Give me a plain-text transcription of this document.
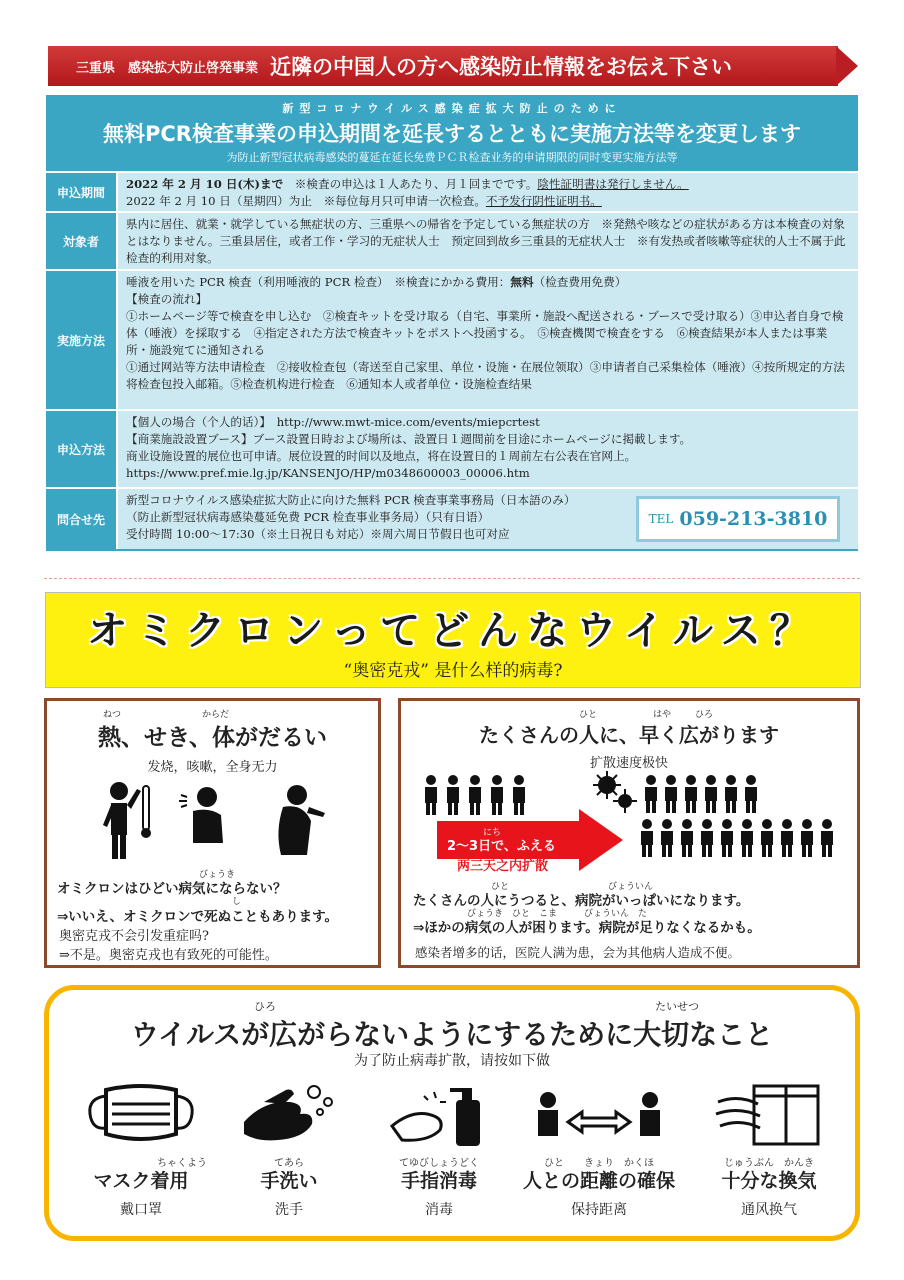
三重県　感染拡大防止啓発事業 近隣の中国人の方へ感染防止情報をお伝え下さい
新型コロナウイルス感染症拡大防止のために
無料PCR検査事業の申込期間を延長するとともに実施方法等を変更します
为防止新型冠状病毒感染的蔓延在延长免费ＰＣＲ检查业务的申请期限的同时变更实施方法等
申込期間
2022 年 2 月 10 日(木)まで　※検査の申込は１人あたり、月１回までです。陰性証明書は発行しません。
2022 年 2 月 10 日（星期四）为止　※每位每月只可申请一次检查。不予发行阴性证明书。
対象者
県内に居住、就業・就学している無症状の方、三重県への帰省を予定している無症状の方　※発熱や咳などの症状がある方は本検査の対象とはなりません。三重县居住，或者工作・学习的无症状人士　预定回到故乡三重县的无症状人士　※有发热或者咳嗽等症状的人士不属于此检查的利用对象。
実施方法
唾液を用いた PCR 検査（利用唾液的 PCR 检查）　※検査にかかる費用：無料（检查费用免费）
【検査の流れ】
①ホームページ等で検査を申し込む　②検査キットを受け取る（自宅、事業所・施設へ配送される・ブースで受け取る）③申込者自身で検体（唾液）を採取する　④指定された方法で検査キットをポストへ投函する。　⑤検査機関で検査をする　⑥検査結果が本人または事業所・施設宛てに通知される
①通过网站等方法申请检查　②接收检查包（寄送至自己家里、单位・设施・在展位领取）③申请者自己采集检体（唾液）④按所规定的方法将检查包投入邮箱。⑤检查机构进行检查　⑥通知本人或者单位・设施检查结果
申込方法
【個人の場合（个人的话）】　http://www.mwt-mice.com/events/miepcrtest
【商業施設設置ブース】ブース設置日時および場所は、設置日１週間前を目途にホームページに掲載します。
商业设施设置的展位也可申请。展位设置的时间以及地点，将在设置日的１周前左右公表在官网上。
https://www.pref.mie.lg.jp/KANSENJO/HP/m0348600003_00006.htm
問合せ先
新型コロナウイルス感染症拡大防止に向けた無料 PCR 検査事業事務局（日本語のみ）
（防止新型冠状病毒感染蔓延免费 PCR 检查事业事务局）（只有日语）
受付時間 10:00～17:30（※土日祝日も対応）※周六周日节假日也可对应
TEL 059-213-3810
オミクロンってどんなウイルス？
“奥密克戎” 是什么样的病毒?
ねつ	からだ
熱、せき、体がだるい
发烧，咳嗽，全身无力
びょうき

オミクロンはひどい病気にならない？

し

⇒いいえ、オミクロンで死ぬこともあります。

奥密克戎不会引发重症吗?

⇒不是。奥密克戎也有致死的可能性。

ひと	はや	ひろ
たくさんの人に、早く広がります
扩散速度极快
にち
2～3日で、ふえる
两三天之内扩散
ひと　　　　　　　　　　　びょういん

たくさんの人にうつると、病院がいっぱいになります。

びょうき　ひと　こま　　　びょういん　た

⇒ほかの病気の人が困ります。病院が足りなくなるかも。

感染者增多的话，医院人满为患，会为其他病人造成不便。

ひろ	たいせつ
ウイルスが広がらないようにするために大切なこと
为了防止病毒扩散，请按如下做
ちゃくよう
マスク着用
戴口罩
てあら
手洗い
洗手
てゆびしょうどく
手指消毒
消毒
ひと　　きょり　かくほ
人との距離の確保
保持距离
じゅうぶん　かんき
十分な換気
通风换气
